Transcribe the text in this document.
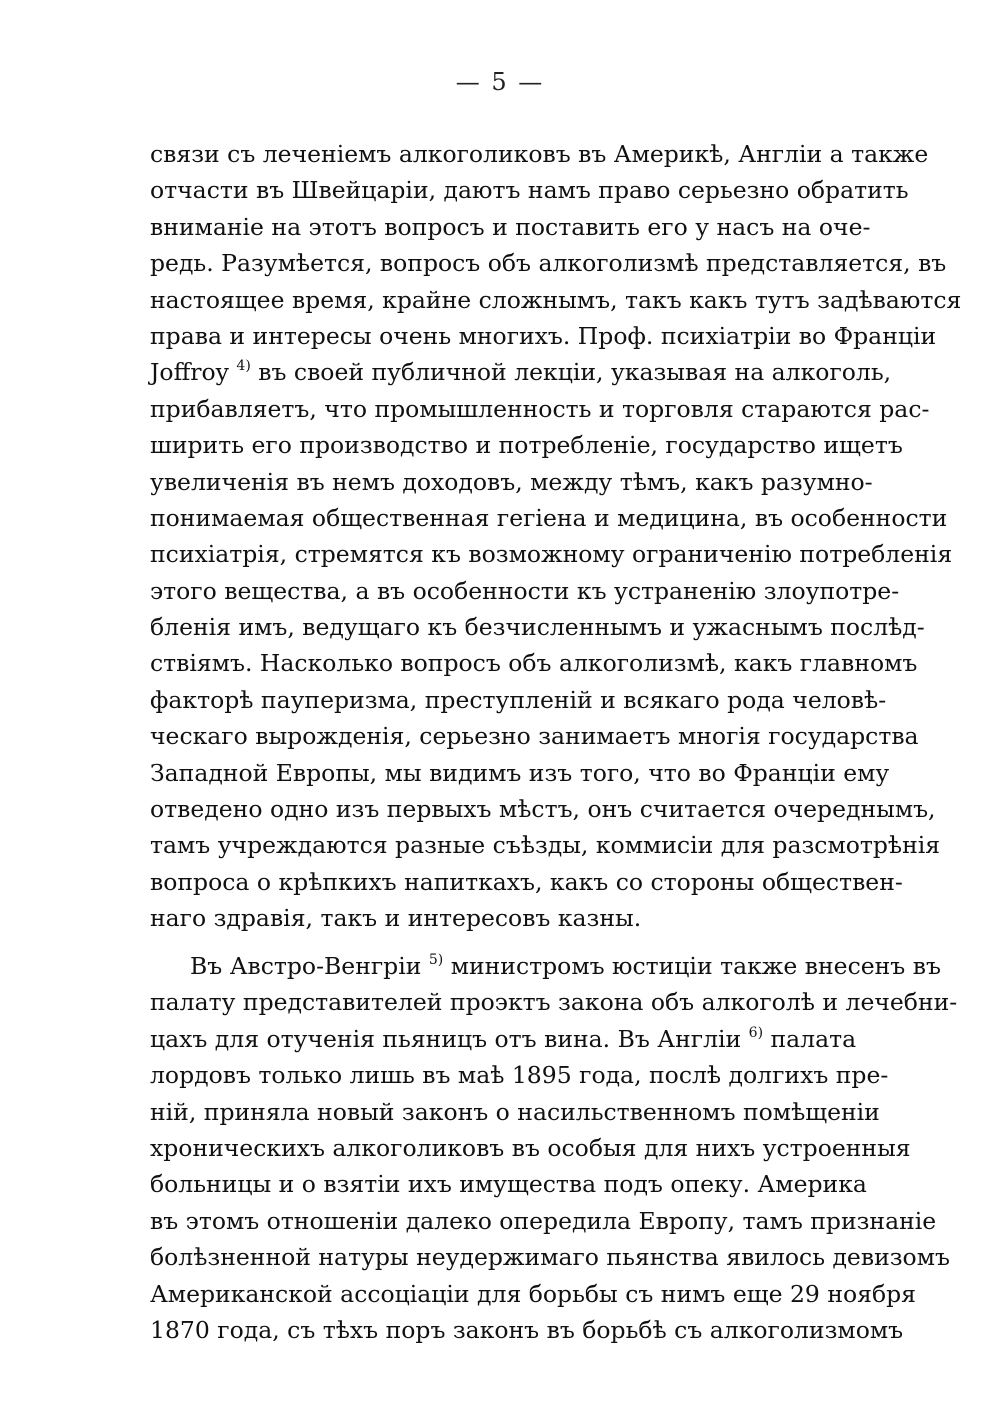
— 5 —
связи съ леченіемъ алкоголиковъ въ Америкѣ, Англіи а также
отчасти въ Швейцаріи, даютъ намъ право серьезно обратить
вниманіе на этотъ вопросъ и поставить его у насъ на оче-
редь. Разумѣется, вопросъ объ алкоголизмѣ представляется, въ
настоящее время, крайне сложнымъ, такъ какъ тутъ задѣваются
права и интересы очень многихъ. Проф. психіатріи во Франціи
Joffroy $^{4)}$ въ своей публичной лекціи, указывая на алкоголь,
прибавляетъ, что промышленность и торговля стараются рас-
ширить его производство и потребленіе, государство ищетъ
увеличенія въ немъ доходовъ, между тѣмъ, какъ разумно-
понимаемая общественная гегіена и медицина, въ особенности
психіатрія, стремятся къ возможному ограниченію потребленія
этого вещества, а въ особенности къ устраненію злоупотре-
бленія имъ, ведущаго къ безчисленнымъ и ужаснымъ послѣд-
ствіямъ. Насколько вопросъ объ алкоголизмѣ, какъ главномъ
факторѣ пауперизма, преступленій и всякаго рода человѣ-
ческаго вырожденія, серьезно занимаетъ многія государства
Западной Европы, мы видимъ изъ того, что во Франціи ему
отведено одно изъ первыхъ мѣстъ, онъ считается очереднымъ,
тамъ учреждаются разные съѣзды, коммисіи для разсмотрѣнія
вопроса о крѣпкихъ напиткахъ, какъ со стороны обществен-
наго здравія, такъ и интересовъ казны.
Въ Австро-Венгріи $^{5)}$ министромъ юстиціи также внесенъ въ
палату представителей проэктъ закона объ алкоголѣ и лечебни-
цахъ для отученія пьяницъ отъ вина. Въ Англіи $^{6)}$ палата
лордовъ только лишь въ маѣ 1895 года, послѣ долгихъ пре-
ній, приняла новый законъ о насильственномъ помѣщеніи
хроническихъ алкоголиковъ въ особыя для нихъ устроенныя
больницы и о взятіи ихъ имущества подъ опеку. Америка
въ этомъ отношеніи далеко опередила Европу, тамъ признаніе
болѣзненной натуры неудержимаго пьянства явилось девизомъ
Американской ассоціаціи для борьбы съ нимъ еще 29 ноября
1870 года, съ тѣхъ поръ законъ въ борьбѣ съ алкоголизмомъ
